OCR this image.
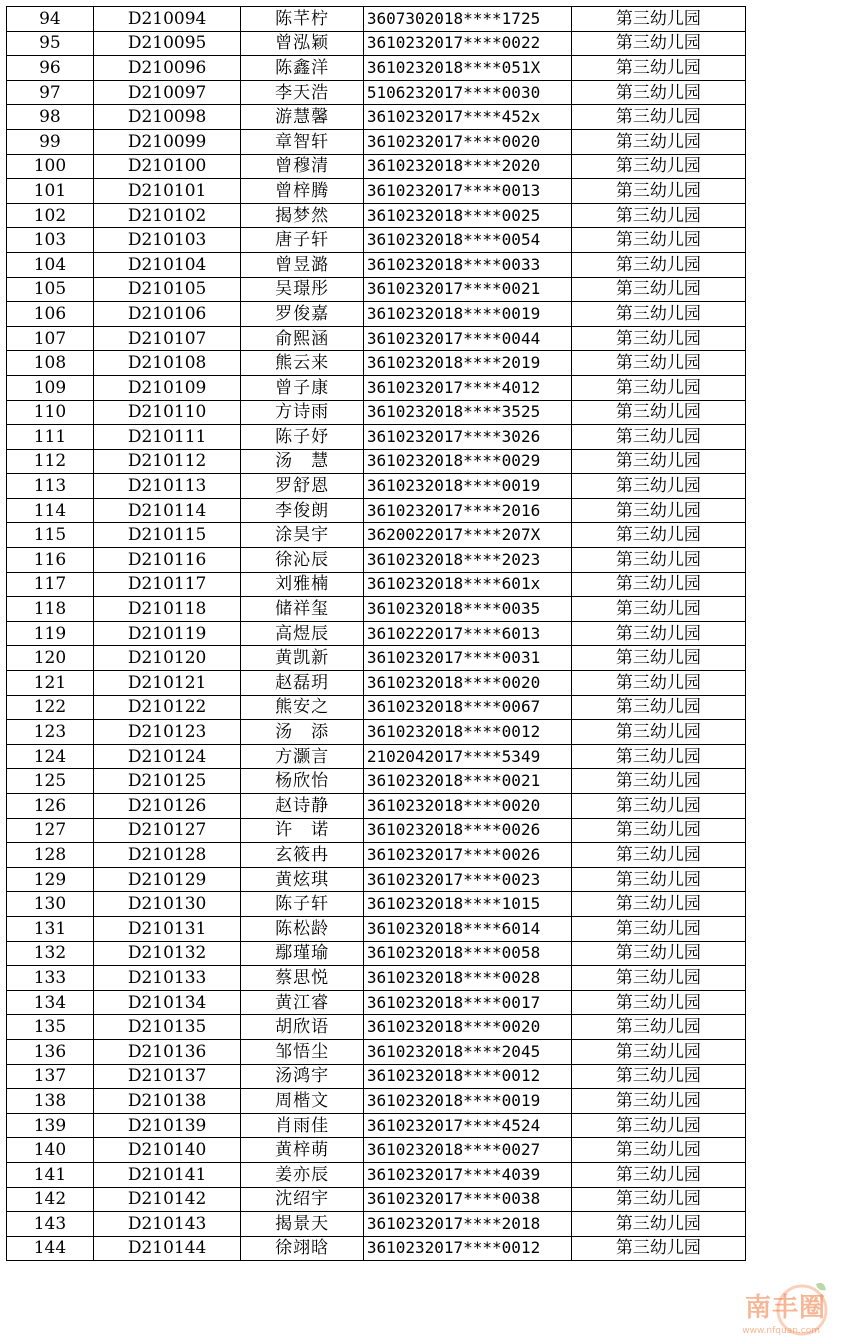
94	D210094	陈芊柠	3607302018****1725	第三幼儿园	
95	D210095	曾泓颖	3610232017****0022	第三幼儿园	
96	D210096	陈鑫洋	3610232018****051X	第三幼儿园	
97	D210097	李天浩	5106232017****0030	第三幼儿园	
98	D210098	游慧馨	3610232017****452x	第三幼儿园	
99	D210099	章智轩	3610232017****0020	第三幼儿园	
100	D210100	曾穆清	3610232018****2020	第三幼儿园	
101	D210101	曾梓腾	3610232017****0013	第三幼儿园	
102	D210102	揭梦然	3610232018****0025	第三幼儿园	
103	D210103	唐子轩	3610232018****0054	第三幼儿园	
104	D210104	曾昱潞	3610232018****0033	第三幼儿园	
105	D210105	吴璟彤	3610232017****0021	第三幼儿园	
106	D210106	罗俊嘉	3610232018****0019	第三幼儿园	
107	D210107	俞熙涵	3610232017****0044	第三幼儿园	
108	D210108	熊云来	3610232018****2019	第三幼儿园	
109	D210109	曾子康	3610232017****4012	第三幼儿园	
110	D210110	方诗雨	3610232018****3525	第三幼儿园	
111	D210111	陈子妤	3610232017****3026	第三幼儿园	
112	D210112	汤　慧	3610232018****0029	第三幼儿园	
113	D210113	罗舒恩	3610232018****0019	第三幼儿园	
114	D210114	李俊朗	3610232017****2016	第三幼儿园	
115	D210115	涂昊宇	3620022017****207X	第三幼儿园	
116	D210116	徐沁辰	3610232018****2023	第三幼儿园	
117	D210117	刘雅楠	3610232018****601x	第三幼儿园	
118	D210118	储祥玺	3610232018****0035	第三幼儿园	
119	D210119	高煜辰	3610222017****6013	第三幼儿园	
120	D210120	黄凯新	3610232017****0031	第三幼儿园	
121	D210121	赵磊玥	3610232018****0020	第三幼儿园	
122	D210122	熊安之	3610232018****0067	第三幼儿园	
123	D210123	汤　添	3610232018****0012	第三幼儿园	
124	D210124	方灏言	2102042017****5349	第三幼儿园	
125	D210125	杨欣怡	3610232018****0021	第三幼儿园	
126	D210126	赵诗静	3610232018****0020	第三幼儿园	
127	D210127	许　诺	3610232018****0026	第三幼儿园	
128	D210128	玄筱冉	3610232017****0026	第三幼儿园	
129	D210129	黄炫琪	3610232017****0023	第三幼儿园	
130	D210130	陈子轩	3610232018****1015	第三幼儿园	
131	D210131	陈松龄	3610232018****6014	第三幼儿园	
132	D210132	鄢瑾瑜	3610232018****0058	第三幼儿园	
133	D210133	蔡思悦	3610232018****0028	第三幼儿园	
134	D210134	黄江睿	3610232018****0017	第三幼儿园	
135	D210135	胡欣语	3610232018****0020	第三幼儿园	
136	D210136	邹悟尘	3610232018****2045	第三幼儿园	
137	D210137	汤鸿宇	3610232018****0012	第三幼儿园	
138	D210138	周楷文	3610232018****0019	第三幼儿园	
139	D210139	肖雨佳	3610232017****4524	第三幼儿园	
140	D210140	黄梓萌	3610232018****0027	第三幼儿园	
141	D210141	姜亦辰	3610232017****4039	第三幼儿园	
142	D210142	沈绍宇	3610232017****0038	第三幼儿园	
143	D210143	揭景天	3610232017****2018	第三幼儿园	
144	D210144	徐翊晗	3610232017****0012	第三幼儿园	
南丰圈
www.nfquan.com
